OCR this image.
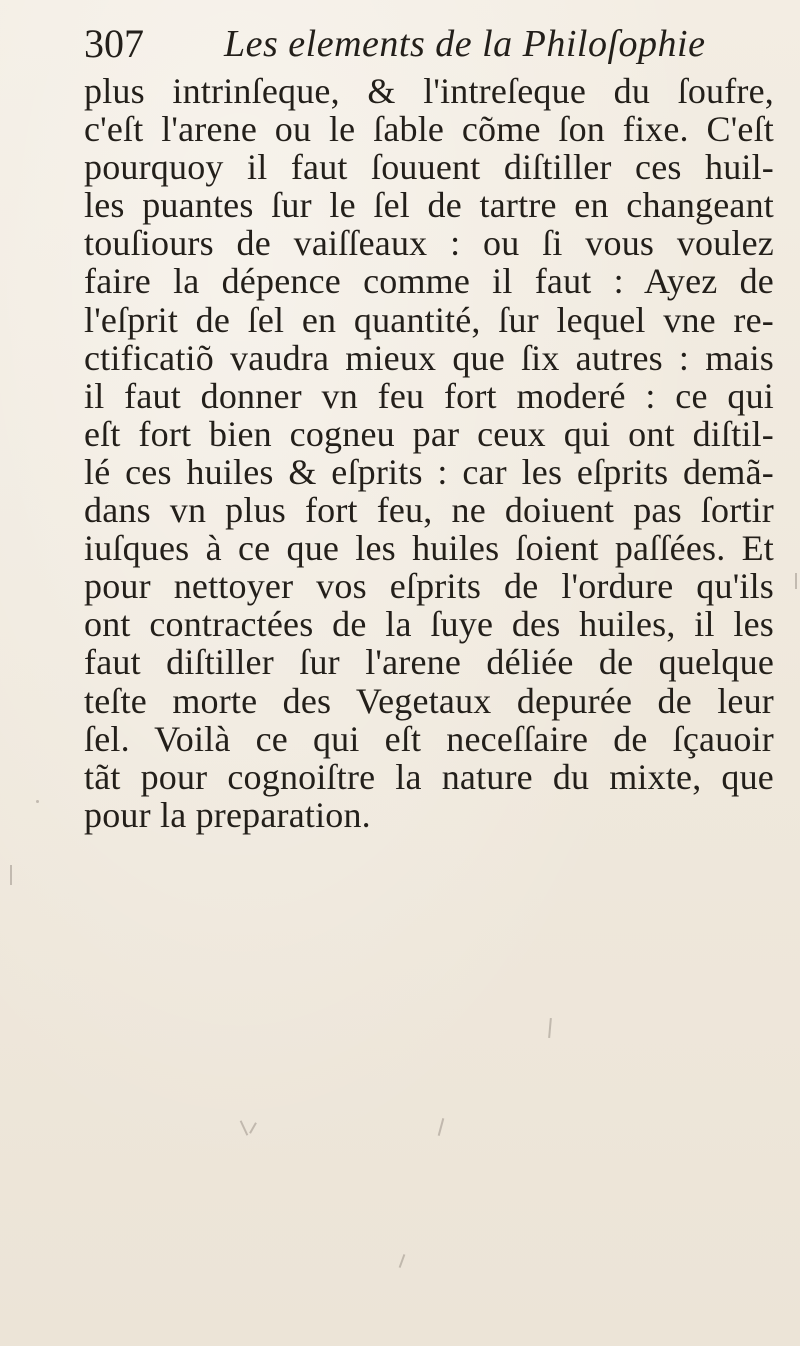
307 Les elements de la Philoſophie
plus intrinſeque, & l'intreſeque du ſoufre,
c'eſt l'arene ou le ſable cõme ſon fixe. C'eſt
pourquoy il faut ſouuent diſtiller ces huil-
les puantes ſur le ſel de tartre en changeant
touſiours de vaiſſeaux : ou ſi vous voulez
faire la dépence comme il faut : Ayez de
l'eſprit de ſel en quantité, ſur lequel vne re-
ctificatiõ vaudra mieux que ſix autres : mais
il faut donner vn feu fort moderé : ce qui
eſt fort bien cogneu par ceux qui ont diſtil-
lé ces huiles & eſprits : car les eſprits demã-
dans vn plus fort feu, ne doiuent pas ſortir
iuſques à ce que les huiles ſoient paſſées. Et
pour nettoyer vos eſprits de l'ordure qu'ils
ont contractées de la ſuye des huiles, il les
faut diſtiller ſur l'arene déliée de quelque
teſte morte des Vegetaux depurée de leur
ſel. Voilà ce qui eſt neceſſaire de ſçauoir
tãt pour cognoiſtre la nature du mixte, que
pour la preparation.
